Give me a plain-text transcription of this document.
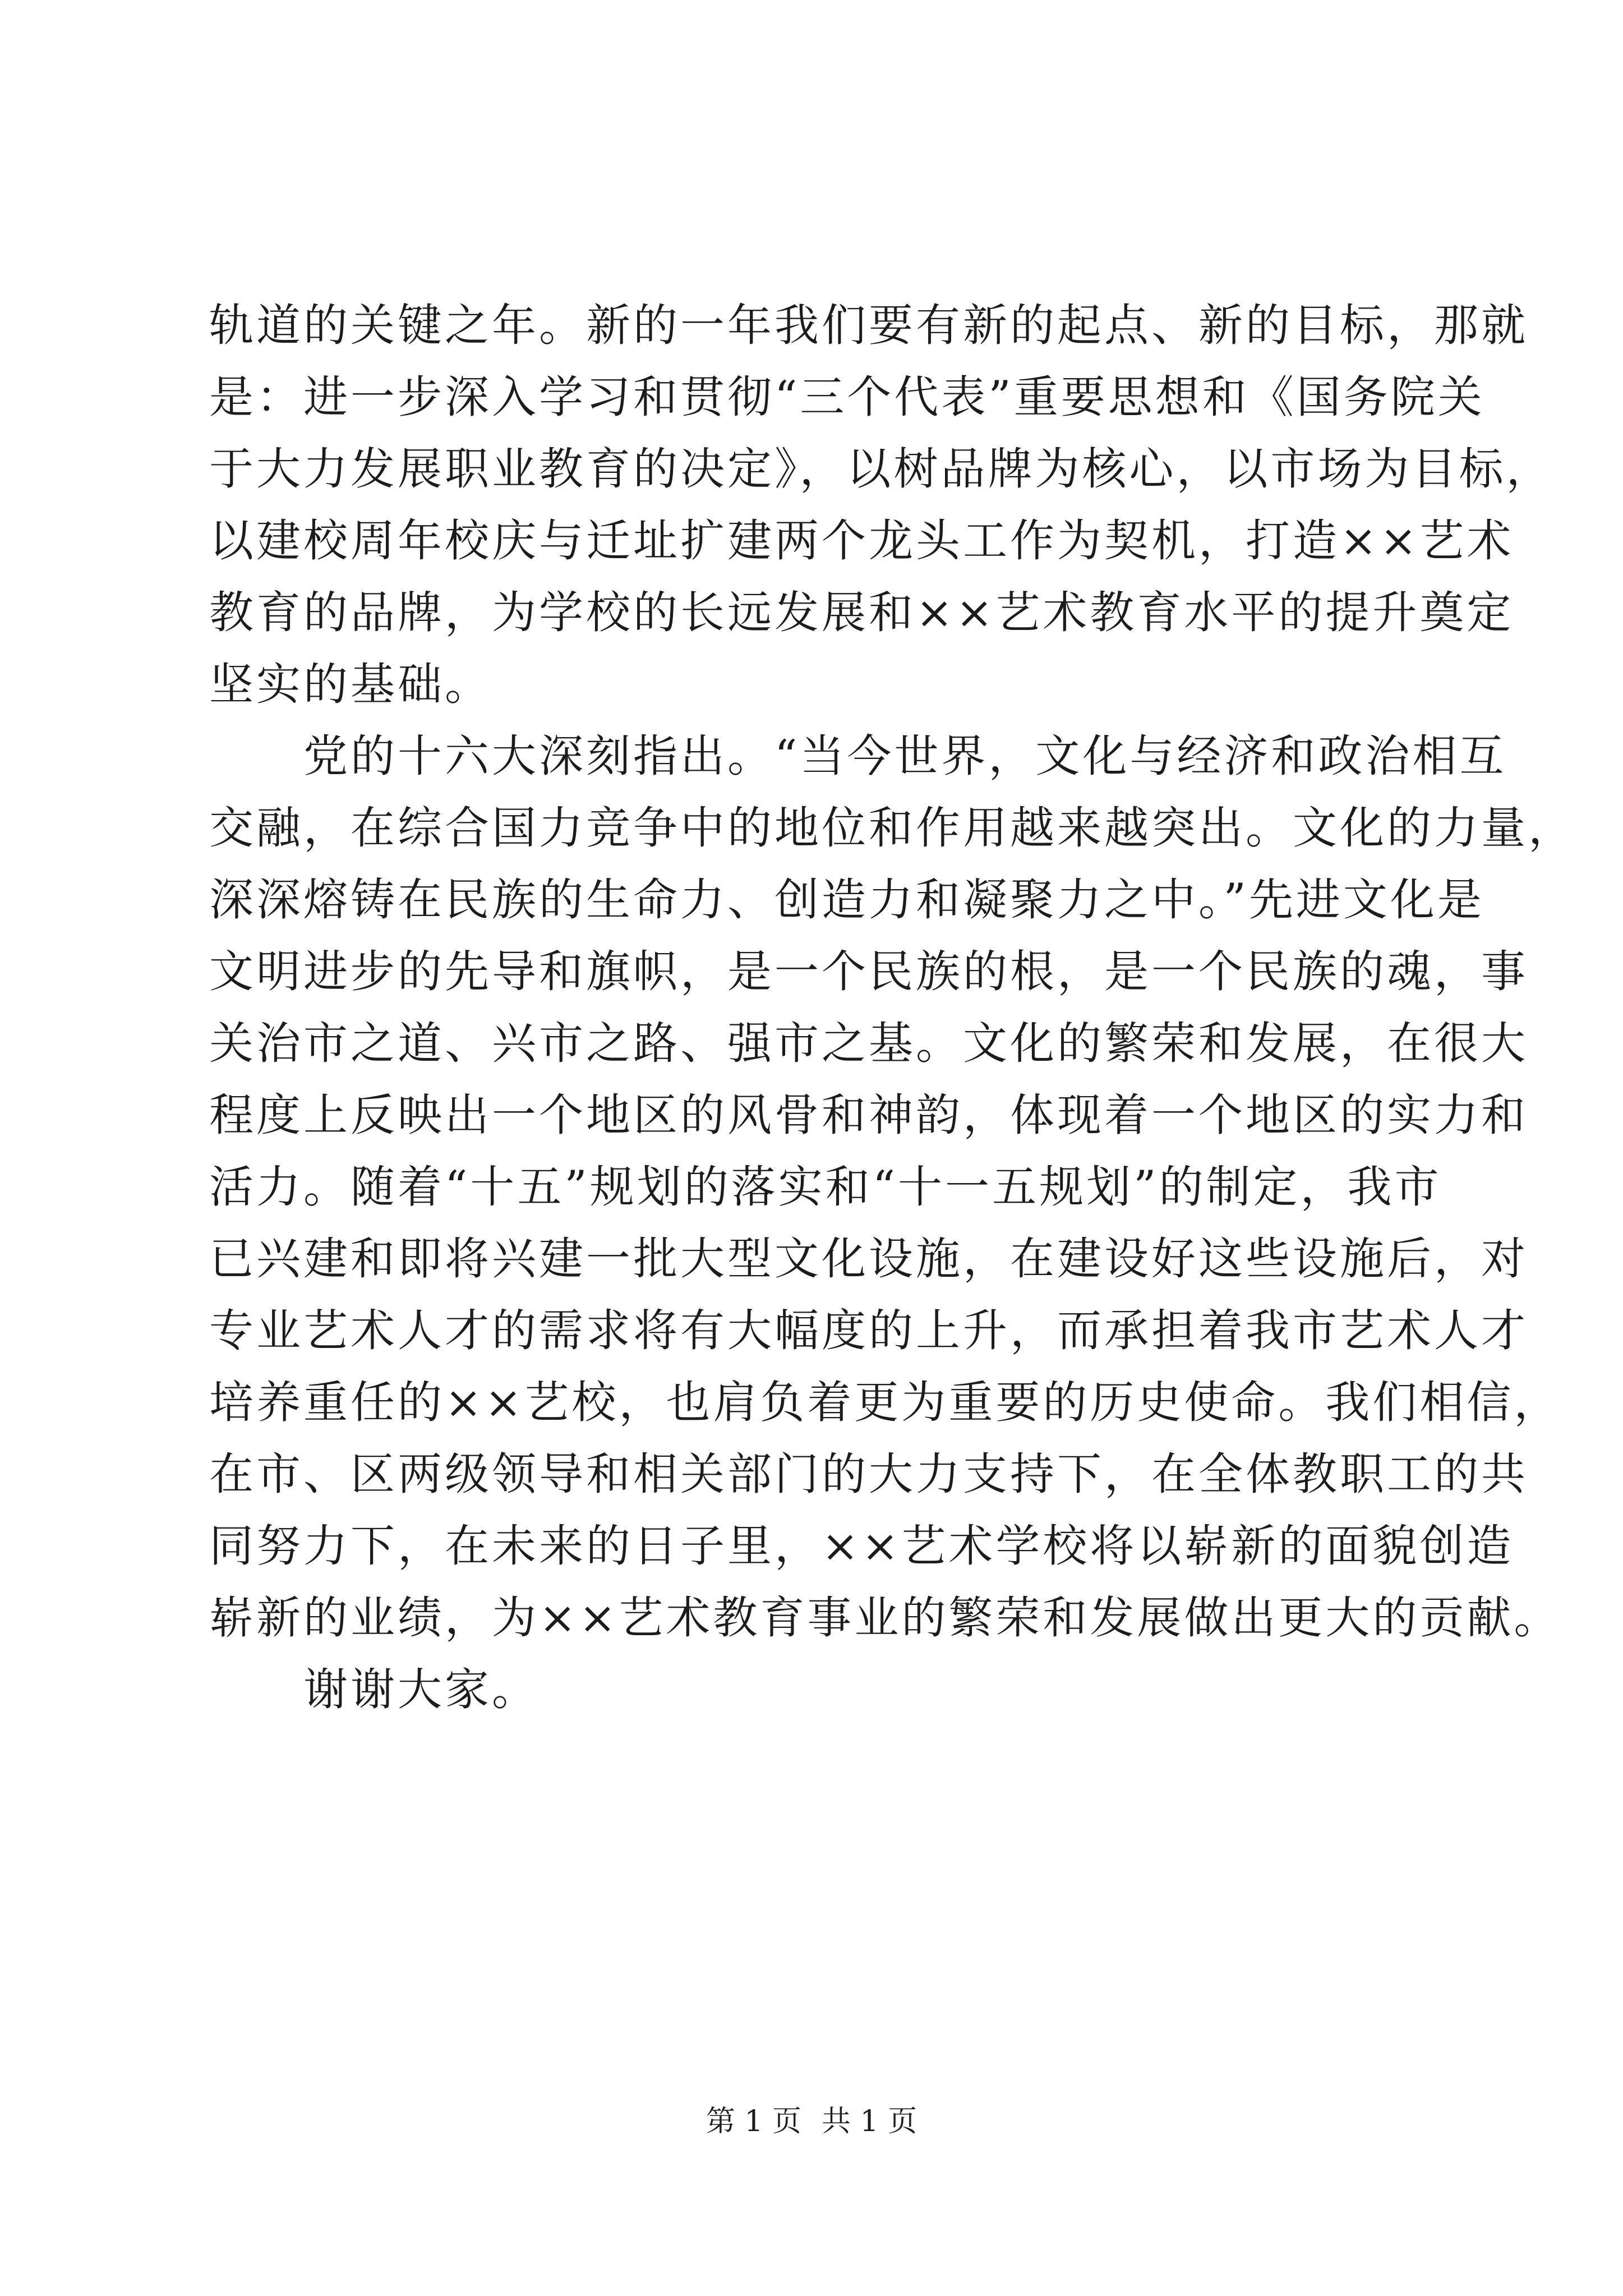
轨道的关键之年。新的一年我们要有新的起点、新的目标，那就
是：进一步深入学习和贯彻“三个代表”重要思想和《国务院关
于大力发展职业教育的决定》，以树品牌为核心，以市场为目标，
以建校周年校庆与迁址扩建两个龙头工作为契机，打造××艺术
教育的品牌，为学校的长远发展和××艺术教育水平的提升奠定
坚实的基础。
党的十六大深刻指出。“当今世界，文化与经济和政治相互
交融，在综合国力竞争中的地位和作用越来越突出。文化的力量，
深深熔铸在民族的生命力、创造力和凝聚力之中。”先进文化是
文明进步的先导和旗帜，是一个民族的根，是一个民族的魂，事
关治市之道、兴市之路、强市之基。文化的繁荣和发展，在很大
程度上反映出一个地区的风骨和神韵，体现着一个地区的实力和
活力。随着“十五”规划的落实和“十一五规划”的制定，我市
已兴建和即将兴建一批大型文化设施，在建设好这些设施后，对
专业艺术人才的需求将有大幅度的上升，而承担着我市艺术人才
培养重任的××艺校，也肩负着更为重要的历史使命。我们相信，
在市、区两级领导和相关部门的大力支持下，在全体教职工的共
同努力下，在未来的日子里，××艺术学校将以崭新的面貌创造
崭新的业绩，为××艺术教育事业的繁荣和发展做出更大的贡献。
谢谢大家。
第 1 页 共 1 页
